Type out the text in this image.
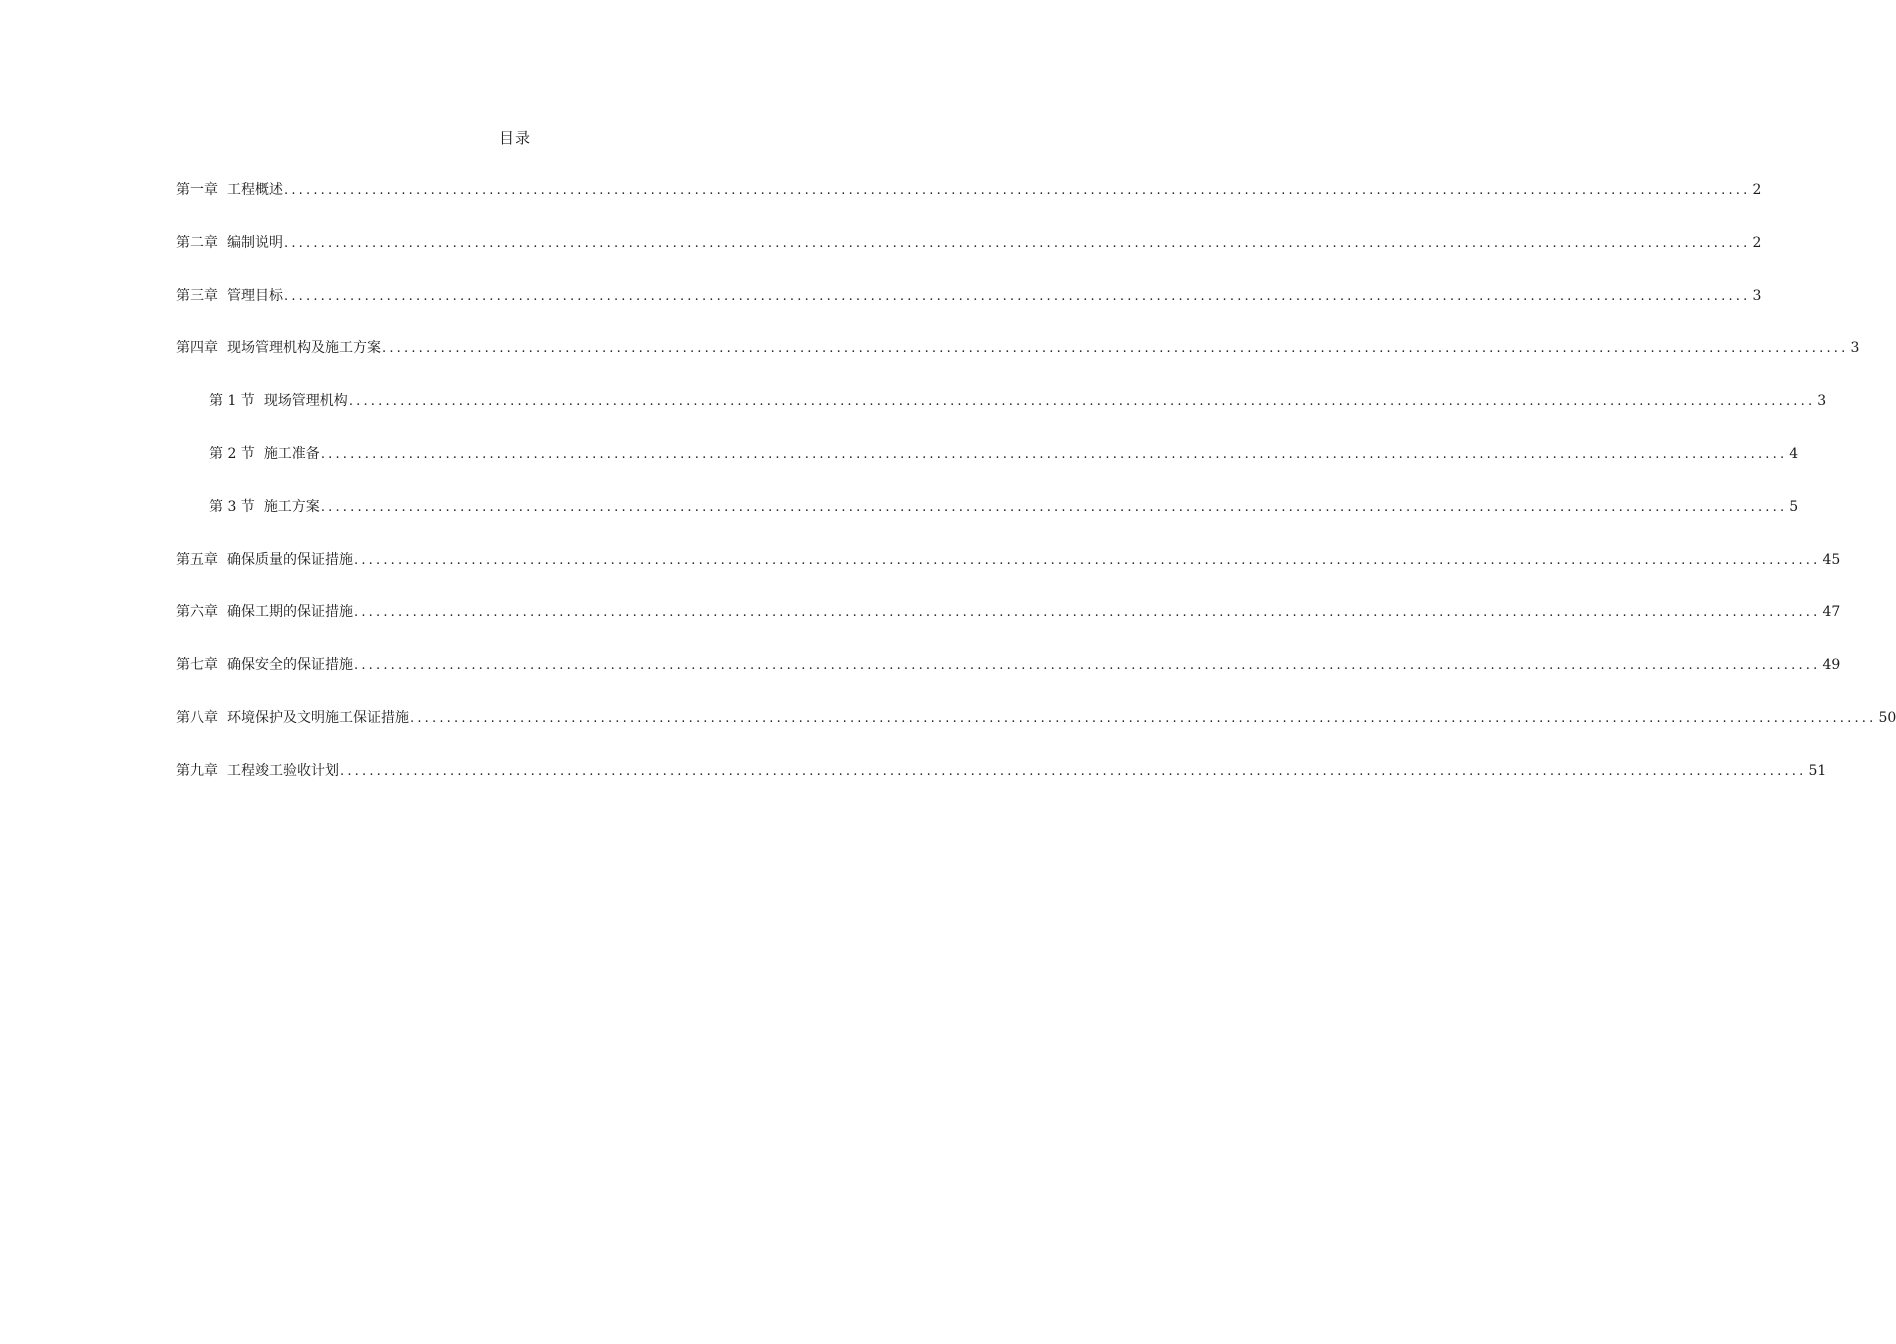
目录
第一章 工程概述 ........................................................................................................................................................................................................ 2
第二章 编制说明 ........................................................................................................................................................................................................ 2
第三章 管理目标 ........................................................................................................................................................................................................ 3
第四章 现场管理机构及施工方案 ........................................................................................................................................................................................................ 3
第 1 节 现场管理机构 ........................................................................................................................................................................................................ 3
第 2 节 施工准备 ........................................................................................................................................................................................................ 4
第 3 节 施工方案 ........................................................................................................................................................................................................ 5
第五章 确保质量的保证措施 ........................................................................................................................................................................................................ 45
第六章 确保工期的保证措施 ........................................................................................................................................................................................................ 47
第七章 确保安全的保证措施 ........................................................................................................................................................................................................ 49
第八章 环境保护及文明施工保证措施 ........................................................................................................................................................................................................ 50
第九章 工程竣工验收计划 ........................................................................................................................................................................................................ 51
